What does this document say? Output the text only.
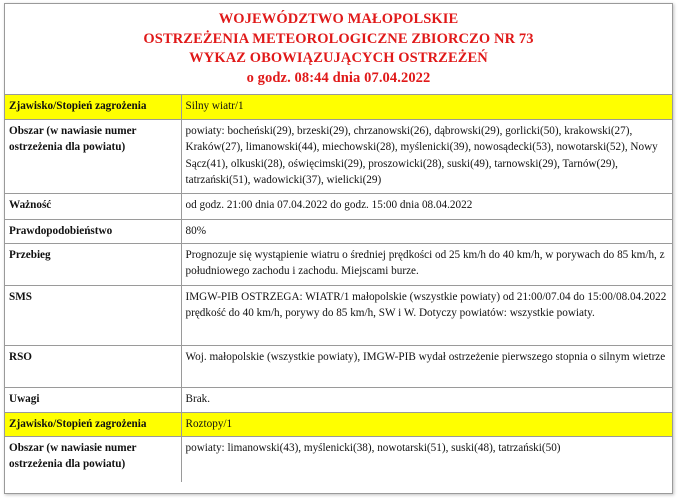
WOJEWÓDZTWO MAŁOPOLSKIE
OSTRZEŻENIA METEOROLOGICZNE ZBIORCZO NR 73
WYKAZ OBOWIĄZUJĄCYCH OSTRZEŻEŃ
o godz. 08:44 dnia 07.04.2022
Zjawisko/Stopień zagrożenia	Silny wiatr/1
Obszar (w nawiasie numer ostrzeżenia dla powiatu)	powiaty: bocheński(29), brzeski(29), chrzanowski(26), dąbrowski(29), gorlicki(50), krakowski(27), Kraków(27), limanowski(44), miechowski(28), myślenicki(39), nowosądecki(53), nowotarski(52), Nowy Sącz(41), olkuski(28), oświęcimski(29), proszowicki(28), suski(49), tarnowski(29), Tarnów(29), tatrzański(51), wadowicki(37), wielicki(29)
Ważność	od godz. 21:00 dnia 07.04.2022 do godz. 15:00 dnia 08.04.2022
Prawdopodobieństwo	80%
Przebieg	Prognozuje się wystąpienie wiatru o średniej prędkości od 25 km/h do 40 km/h, w porywach do 85 km/h, z południowego zachodu i zachodu. Miejscami burze.
SMS	IMGW-PIB OSTRZEGA: WIATR/1 małopolskie (wszystkie powiaty) od 21:00/07.04 do 15:00/08.04.2022 prędkość do 40 km/h, porywy do 85 km/h, SW i W. Dotyczy powiatów: wszystkie powiaty.
RSO	Woj. małopolskie (wszystkie powiaty), IMGW-PIB wydał ostrzeżenie pierwszego stopnia o silnym wietrze
Uwagi	Brak.
Zjawisko/Stopień zagrożenia	Roztopy/1
Obszar (w nawiasie numer ostrzeżenia dla powiatu)	powiaty: limanowski(43), myślenicki(38), nowotarski(51), suski(48), tatrzański(50)
